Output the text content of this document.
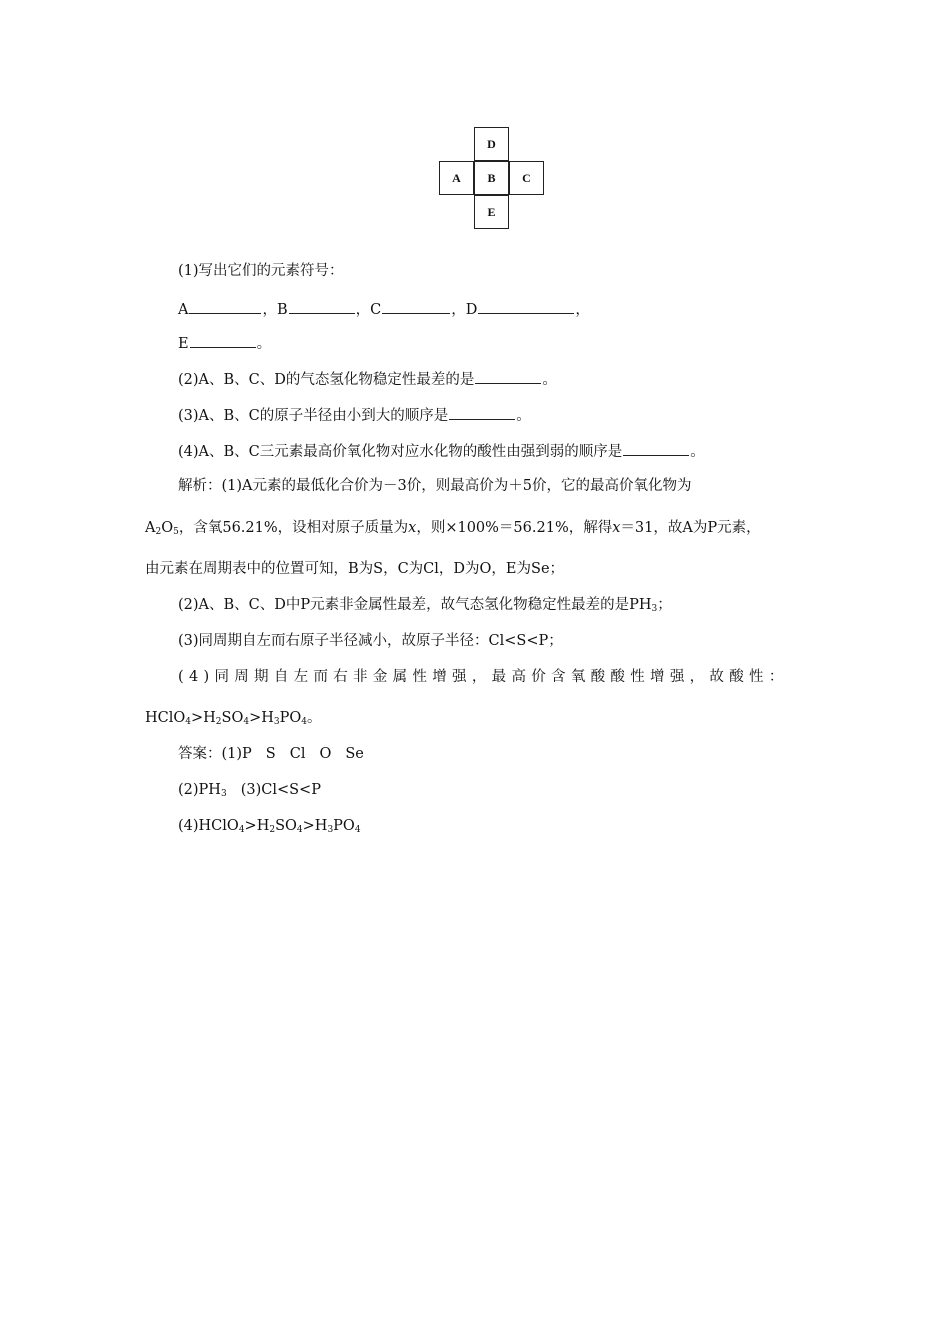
D
A	B	C
E
(1)写出它们的元素符号：
A	，B	，C	，D	，
E	。
(2)A、B、C、D的气态氢化物稳定性最差的是	。
(3)A、B、C的原子半径由小到大的顺序是	。
(4)A、B、C三元素最高价氧化物对应水化物的酸性由强到弱的顺序是	。
解析：(1)A元素的最低化合价为－3价，则最高价为＋5价，它的最高价氧化物为
$A_2O_5$，含氧56.21%，设相对原子质量为x，则×100%＝56.21%，解得x＝31，故A为P元素，
由元素在周期表中的位置可知，B为S，C为Cl，D为O，E为Se；
(2)A、B、C、D中P元素非金属性最差，故气态氢化物稳定性最差的是$PH_3$；
(3)同周期自左而右原子半径减小，故原子半径：Cl<S<P；
(4)同周期自左而右非金属性增强，最高价含氧酸酸性增强，故酸性：
$HClO_4>H_2SO_4>H_3PO_4$。
答案：(1)P S Cl O Se
$(2)PH_3$ (3)Cl<S<P
$(4)HClO_4>H_2SO_4>H_3PO_4$
